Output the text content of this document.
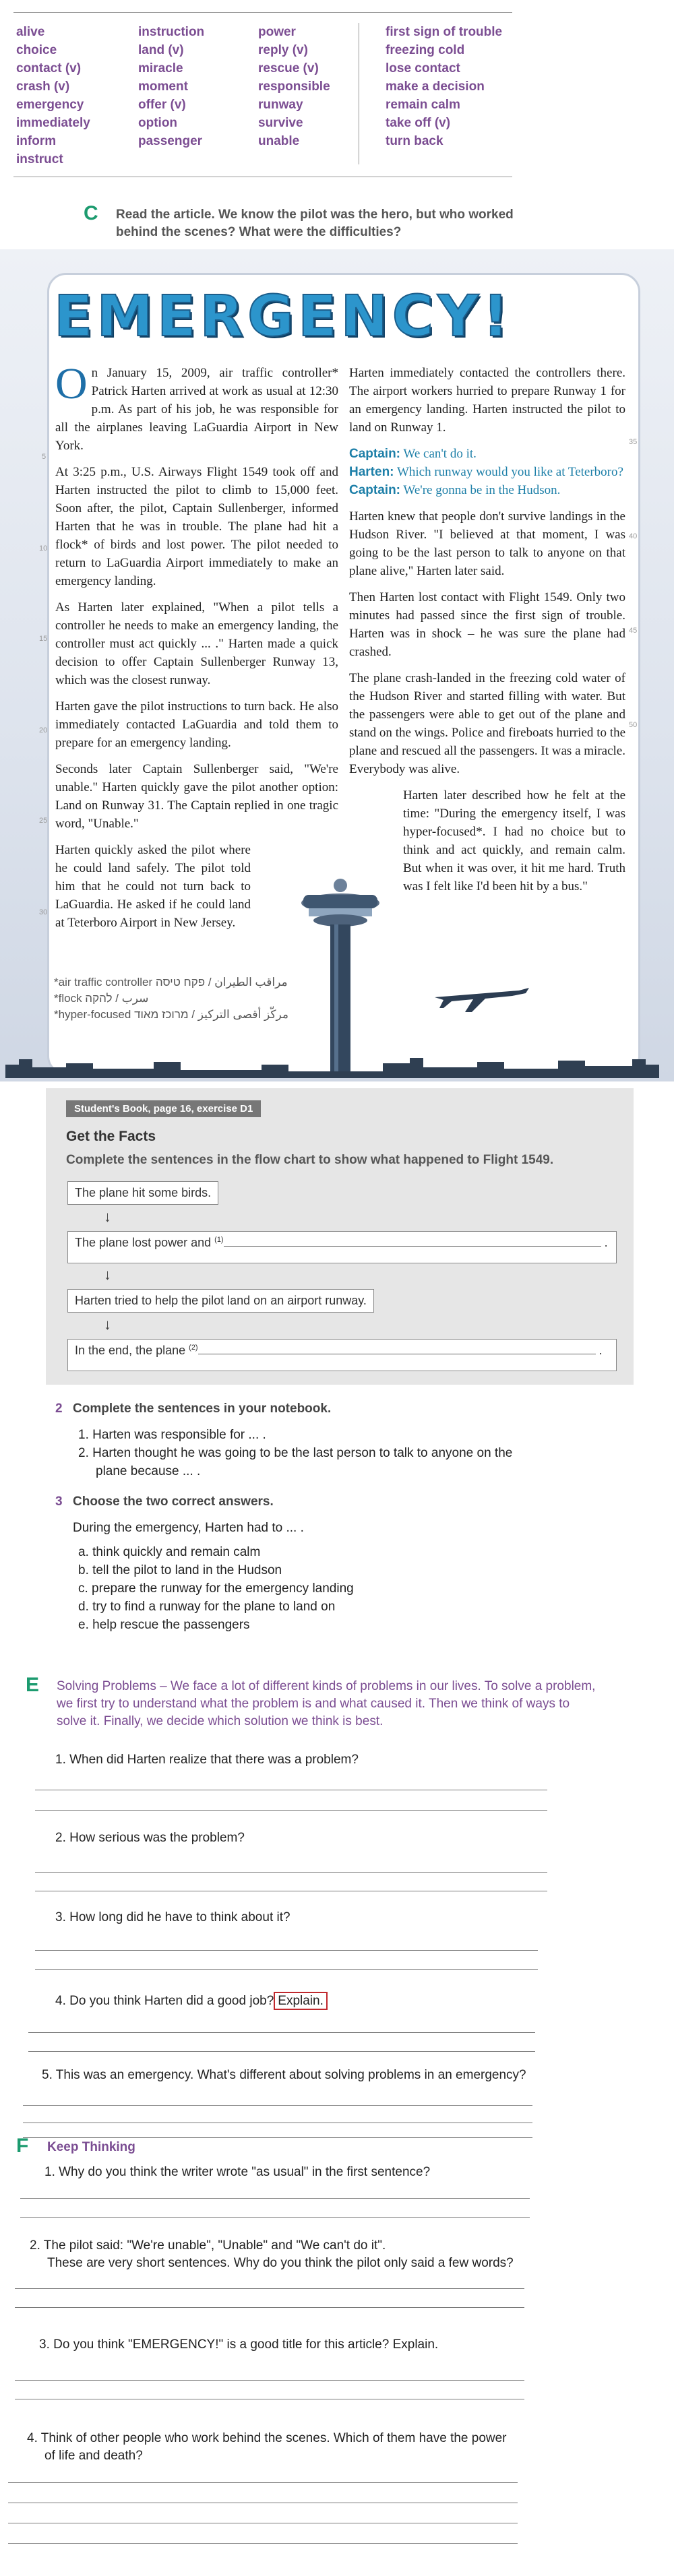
alive
choice
contact (v)
crash (v)
emergency
immediately
inform
instruct
instruction
land (v)
miracle
moment
offer (v)
option
passenger
power
reply (v)
rescue (v)
responsible
runway
survive
unable
first sign of trouble
freezing cold
lose contact
make a decision
remain calm
take off (v)
turn back
C Read the article. We know the pilot was the hero, but who worked behind the scenes? What were the difficulties?
EMERGENCY!

On January 15, 2009, air traffic controller* Patrick Harten arrived at work as usual at 12:30 p.m. As part of his job, he was responsible for all the airplanes leaving LaGuardia Airport in New York.

At 3:25 p.m., U.S. Airways Flight 1549 took off and Harten instructed the pilot to climb to 15,000 feet. Soon after, the pilot, Captain Sullenberger, informed Harten that he was in trouble. The plane had hit a flock* of birds and lost power. The pilot needed to return to LaGuardia Airport immediately to make an emergency landing.

As Harten later explained, "When a pilot tells a controller he needs to make an emergency landing, the controller must act quickly ... ." Harten made a quick decision to offer Captain Sullenberger Runway 13, which was the closest runway.

Harten gave the pilot instructions to turn back. He also immediately contacted LaGuardia and told them to prepare for an emergency landing.

Seconds later Captain Sullenberger said, "We're unable." Harten quickly gave the pilot another option: Land on Runway 31. The Captain replied in one tragic word, "Unable."

Harten quickly asked the pilot where he could land safely. The pilot told him that he could not turn back to LaGuardia. He asked if he could land at Teterboro Airport in New Jersey.

Harten immediately contacted the controllers there. The airport workers hurried to prepare Runway 1 for an emergency landing. Harten instructed the pilot to land on Runway 1.

Captain: We can't do it.
Harten: Which runway would you like at Teterboro?
Captain: We're gonna be in the Hudson.

Harten knew that people don't survive landings in the Hudson River. "I believed at that moment, I was going to be the last person to talk to anyone on that plane alive," Harten later said.

Then Harten lost contact with Flight 1549. Only two minutes had passed since the first sign of trouble. Harten was in shock – he was sure the plane had crashed.

The plane crash-landed in the freezing cold water of the Hudson River and started filling with water. But the passengers were able to get out of the plane and stand on the wings. Police and fireboats hurried to the plane and rescued all the passengers. It was a miracle. Everybody was alive.

Harten later described how he felt at the time: "During the emergency itself, I was hyper-focused*. I had no choice but to think and act quickly, and remain calm. But when it was over, it hit me hard. Truth was I felt like I'd been hit by a bus."

5
10
15
20
25
30
35
40
45
50
*air traffic controller مراقب الطيران / פקח טיסה
*flock سرب / להקה
*hyper-focused مركّز أقصى التركيز / מרוכז מאוד
Student's Book, page 16, exercise D1
Get the Facts
Complete the sentences in the flow chart to show what happened to Flight 1549.
The plane hit some birds.
↓
The plane lost power and $^{(1)}$	.
↓
Harten tried to help the pilot land on an airport runway.
↓
In the end, the plane $^{(2)}$	.
2 Complete the sentences in your notebook.
1. Harten was responsible for ... .
2. Harten thought he was going to be the last person to talk to anyone on the
plane because ... .
3 Choose the two correct answers.
During the emergency, Harten had to ... .
a. think quickly and remain calm
b. tell the pilot to land in the Hudson
c. prepare the runway for the emergency landing
d. try to find a runway for the plane to land on
e. help rescue the passengers
E Solving Problems – We face a lot of different kinds of problems in our lives. To solve a problem, we first try to understand what the problem is and what caused it. Then we think of ways to solve it. Finally, we decide which solution we think is best.
1. When did Harten realize that there was a problem?
2. How serious was the problem?
3. How long did he have to think about it?
4. Do you think Harten did a good job? Explain.
5. This was an emergency. What's different about solving problems in an emergency?
F Keep Thinking
1. Why do you think the writer wrote "as usual" in the first sentence?
2. The pilot said: "We're unable", "Unable" and "We can't do it".
These are very short sentences. Why do you think the pilot only said a few words?
3. Do you think "EMERGENCY!" is a good title for this article? Explain.
4. Think of other people who work behind the scenes. Which of them have the power
of life and death?
